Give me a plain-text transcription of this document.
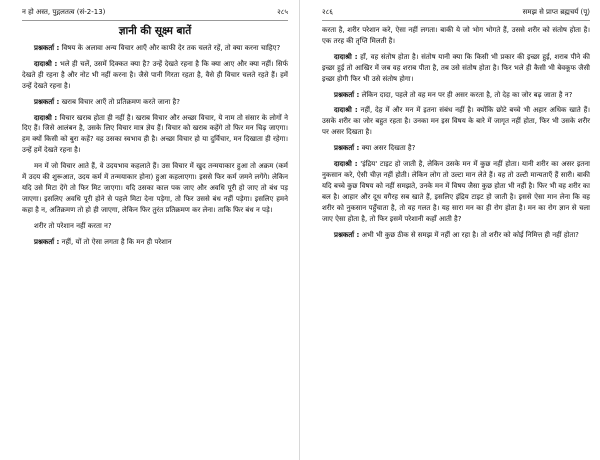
न हो अस्त, पुद्गलतत्व (सं-2-13)	२८५
ज्ञानी की सूक्ष्म बातें

प्रश्नकर्ता : विषय के अलावा अन्य विचार आएँ और काफी देर तक चलते रहें, तो क्या करना चाहिए?

दादाश्री : भले ही चलें, उसमें दिक्कत क्या है? उन्हें देखते रहना है कि क्या आए और क्या नहीं। सिर्फ देखते ही रहना है और नोट भी नहीं करना है। जैसे पानी गिरता रहता है, वैसे ही विचार चलते रहते हैं। हमें उन्हें देखते रहना है।

प्रश्नकर्ता : खराब विचार आएँ तो प्रतिक्रमण करते जाना है?

दादाश्री : विचार खराब होता ही नहीं है। खराब विचार और अच्छा विचार, ये नाम तो संसार के लोगों ने दिए हैं। जिसे आलंबन है, उसके लिए विचार मात्र ज्ञेय हैं। विचार को खराब कहेंगे तो फिर मन चिढ़ जाएगा। हम क्यों किसी को बुरा कहें? वह उसका स्वभाव ही है। अच्छा विचार हो या दुर्विचार, मन दिखाता ही रहेगा। उन्हें हमें देखते रहना है।

मन में जो विचार आते हैं, वे उदयभाव कहलाते हैं। उस विचार में खुद तन्मयाकार हुआ तो अक्रम (कर्म में उदय की शुरूआत, उदय कर्म में तन्मयाकार होना) हुआ कहलाएगा। इससे फिर कर्म जमने लगेंगे। लेकिन यदि उसे मिटा देंगे तो फिर मिट जाएगा। यदि उसका काल पक जाए और अवधि पूरी हो जाए तो बंध पड़ जाएगा। इसलिए अवधि पूरी होने से पहले मिटा देना पड़ेगा, तो फिर उससे बंध नहीं पड़ेगा। इसलिए हमने कहा है न, अतिक्रमण तो हो ही जाएगा, लेकिन फिर तुरंत प्रतिक्रमण कर लेना। ताकि फिर बंध न पड़े।

शरीर तो परेशान नहीं करता न?

प्रश्नकर्ता : नहीं, यों तो ऐसा लगता है कि मन ही परेशान

२८६	समझ से प्राप्त ब्रह्मचर्य (पू)

करता है, शरीर परेशान करे, ऐसा नहीं लगता। बाकी ये जो भोग भोगते हैं, उससे शरीर को संतोष होता है। एक तरह की तृप्ति मिलती है।

दादाश्री : हाँ, वह संतोष होता है। संतोष यानी क्या कि किसी भी प्रकार की इच्छा हुई, शराब पीने की इच्छा हुई तो आखिर में जब वह शराब पीता है, तब उसे संतोष होता है। फिर भले ही कैसी भी बेवकूफ जैसी इच्छा होगी फिर भी उसे संतोष होगा।

प्रश्नकर्ता : लेकिन दादा, पहले तो वह मन पर ही असर करता है, तो देह का जोर बढ़ जाता है न?

दादाश्री : नहीं, देह में और मन में इतना संबंध नहीं है। क्योंकि छोटे बच्चे भी अहार अधिक खाते हैं। उसके शरीर का जोर बहुत रहता है। उनका मन इस विषय के बारे में जागृत नहीं होता, फिर भी उसके शरीर पर असर दिखता है।

प्रश्नकर्ता : क्या असर दिखता है?

दादाश्री : 'इंद्रिय' टाइट हो जाती है, लेकिन उसके मन में कुछ नहीं होता। यानी शरीर का असर इतना नुकसान करे, ऐसी चीज़ नहीं होती। लेकिन लोग तो उल्टा मान लेते हैं। वह तो उल्टी मान्यताएँ हैं सारी। बाकी यदि बच्चे कुछ विषय को नहीं समझते, उनके मन में विषय जैसा कुछ होता भी नहीं है। फिर भी वह शरीर का बल है। आहार और दूध वगैरह सब खाते हैं, इसलिए इंद्रिय टाइट हो जाती है। इससे ऐसा मान लेना कि वह शरीर को नुकसान पहुँचाता है, तो वह गलत है। यह सारा मन का ही रोग होता है। मन का रोग ज्ञान से चला जाए ऐसा होता है, तो फिर इसमें परेशानी कहाँ आती है?

प्रश्नकर्ता : अभी भी कुछ ठीक से समझ में नहीं आ रहा है। तो शरीर को कोई निमित्त ही नहीं होता?
